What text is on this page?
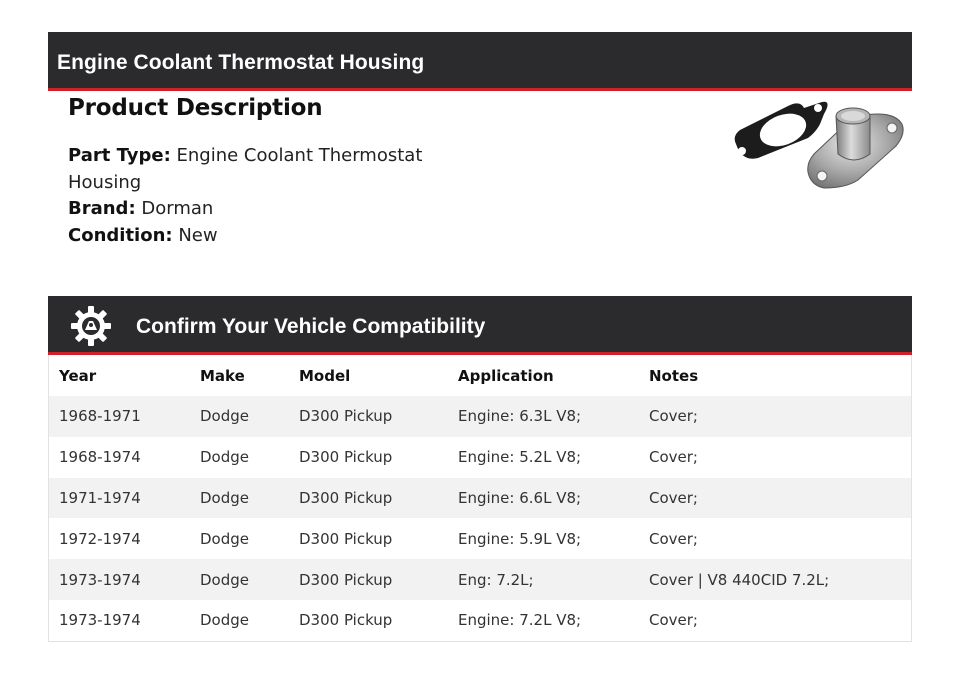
Engine Coolant Thermostat Housing
Product Description
Part Type: Engine Coolant Thermostat Housing
Brand: Dorman
Condition: New
Confirm Your Vehicle Compatibility
Year	Make	Model	Application	Notes
1968-1971	Dodge	D300 Pickup	Engine: 6.3L V8;	Cover;
1968-1974	Dodge	D300 Pickup	Engine: 5.2L V8;	Cover;
1971-1974	Dodge	D300 Pickup	Engine: 6.6L V8;	Cover;
1972-1974	Dodge	D300 Pickup	Engine: 5.9L V8;	Cover;
1973-1974	Dodge	D300 Pickup	Eng: 7.2L;	Cover | V8 440CID 7.2L;
1973-1974	Dodge	D300 Pickup	Engine: 7.2L V8;	Cover;
